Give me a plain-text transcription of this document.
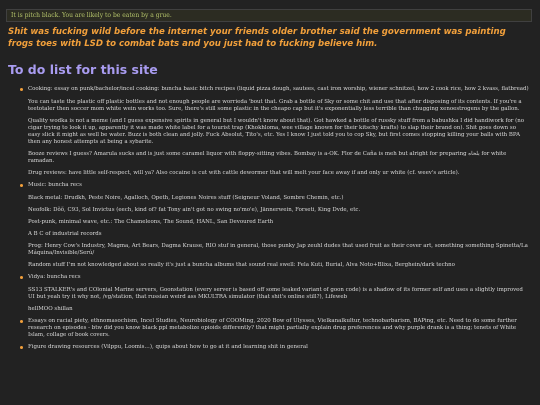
It is pitch black. You are likely to be eaten by a grue.
Shit was fucking wild before the internet your friends older brother said the government was painting frogs toes with LSD to combat bats and you just had to fucking believe him.
To do list for this site

Cooking: essay on punk/bachelor/incel cooking: buncha basic bitch recipes (liquid pizza dough, sautees, cast iron worship, wiener schnitzel, how 2 cook rice, how 2 kvass, flatbread)

You can taste the plastic off plastic bottles and not enough people are worrieda 'bout that. Grab a bottle of Sky or some chit and use that after disposing of its contents. If you're a teetotaler then soccer mom white wein works too. Sure, there's still some plastic in the cheapo cap but it's exponentially less terrible than chugging xenoestrogens by the gallon.

Quality wodka is not a meme (and I guess expensive spirits in general but I wouldn't know about that). Got hawked a bottle of russky stuff from a babushka I did handiwork for (no cigar trying to look it up, apparently it was made white label for a tourist trap (Khokhloma, wee village known for their kitschy krafts) to slap their brand on). Shit goes down so easy slick it might as well be water. Buzz is both clean and jolly. Fuck Absolut, Tito's, etc. Yes I know I just told you to cop Sky, but first comes stopping killing your balls with BPA then any honest attempts at being a sybarite.

Booze reviews I guess? Amarula sucks and is just some caramel liquor with floppy-sitting vibes. Bombay is a-OK. Flor de Caña is meh but alright for preparing بلحاه for white ramadan.

Drug reviews: have little self-respect, will ya? Also cocaine is cut with cattle dewormer that will melt your face away if and only ur white (cf. weev's article).

Music: buncha recs

Black metal: Drudkh, Peste Noire, Agalloch, Opeth, Legiones Noires stuff (Seigneur Voland, Sombre Chemin, etc.)

Neofolk: Dõõ, C93, Sol Invictus (eech, kind of? fat Tony ain't got no swing no'mo'e), Jännerwein, Forseti, King Dvde, etc.

Post-punk, minimal wave, etc.: The Chameleons, The Sound, HANL, San Devoured Earth

A B C of industrial records

Prog: Henry Cow's Industry, Magma, Art Bears, Dagma Krause, RIO stuf in general, those punky Jap zeuhl dudes that used fruit as their cover art, something something Spinetta/La Máquina/Invisible/Serú/

Random stuff I'm not knowledged about so really it's just a buncha albums that sound real swell: Fela Kuti, Burial, Alva Noto+Blixa, Berghein/dark techno

Vidya: buncha recs

SS13 STALKER's and COlonial Marine servers, Goonstation (every server is based off some leaked variant of goon code) is a shadow of its former self and uses a slightly improved UI but yeah try it why not, /vg/station, that russian weird ass MKULTRA simulator (that shit's online still?), Lifeweb

hellMOO shillan

Essays on racial piety, ethnomasochism, Incel Studies, Neurobiology of COOMing, 2020 Bow of Ulysses, Vielkanalkultur, technobarbarism, BAPing, etc. Need to do some further research on episodes - btw did you know black ppl metabolize opioids differently? that might partially explain drug preferences and why purple drank is a thing; tenets of White Islam, collage of book covers.

Figure drawing resources (Vilppu, Loomis…), quips about how to go at it and learning shit in general
